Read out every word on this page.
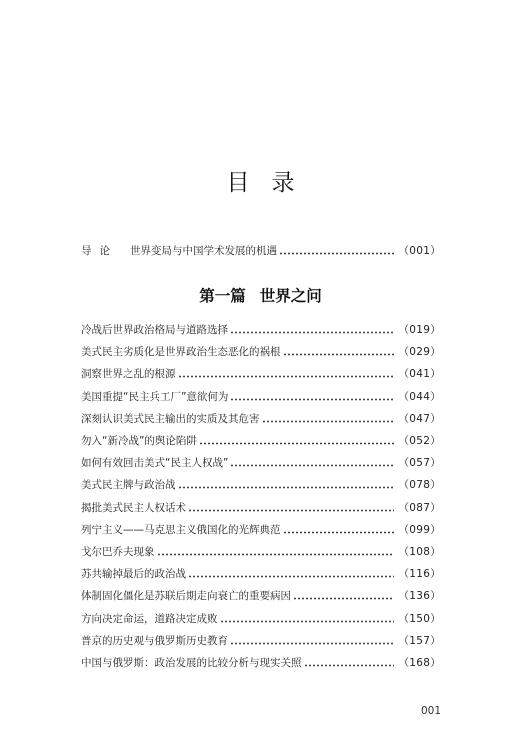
目录
导论 世界变局与中国学术发展的机遇	（001）
第一篇 世界之问
冷战后世界政治格局与道路选择	（019）
美式民主劣质化是世界政治生态恶化的祸根	（029）
洞察世界之乱的根源	（041）
美国重提“民主兵工厂”意欲何为	（044）
深刻认识美式民主输出的实质及其危害	（047）
勿入“新冷战”的舆论陷阱	（052）
如何有效回击美式“民主人权战”	（057）
美式民主牌与政治战	（078）
揭批美式民主人权话术	（087）
列宁主义——马克思主义俄国化的光辉典范	（099）
戈尔巴乔夫现象	（108）
苏共输掉最后的政治战	（116）
体制固化僵化是苏联后期走向衰亡的重要病因	（136）
方向决定命运，道路决定成败	（150）
普京的历史观与俄罗斯历史教育	（157）
中国与俄罗斯：政治发展的比较分析与现实关照	（168）
001
